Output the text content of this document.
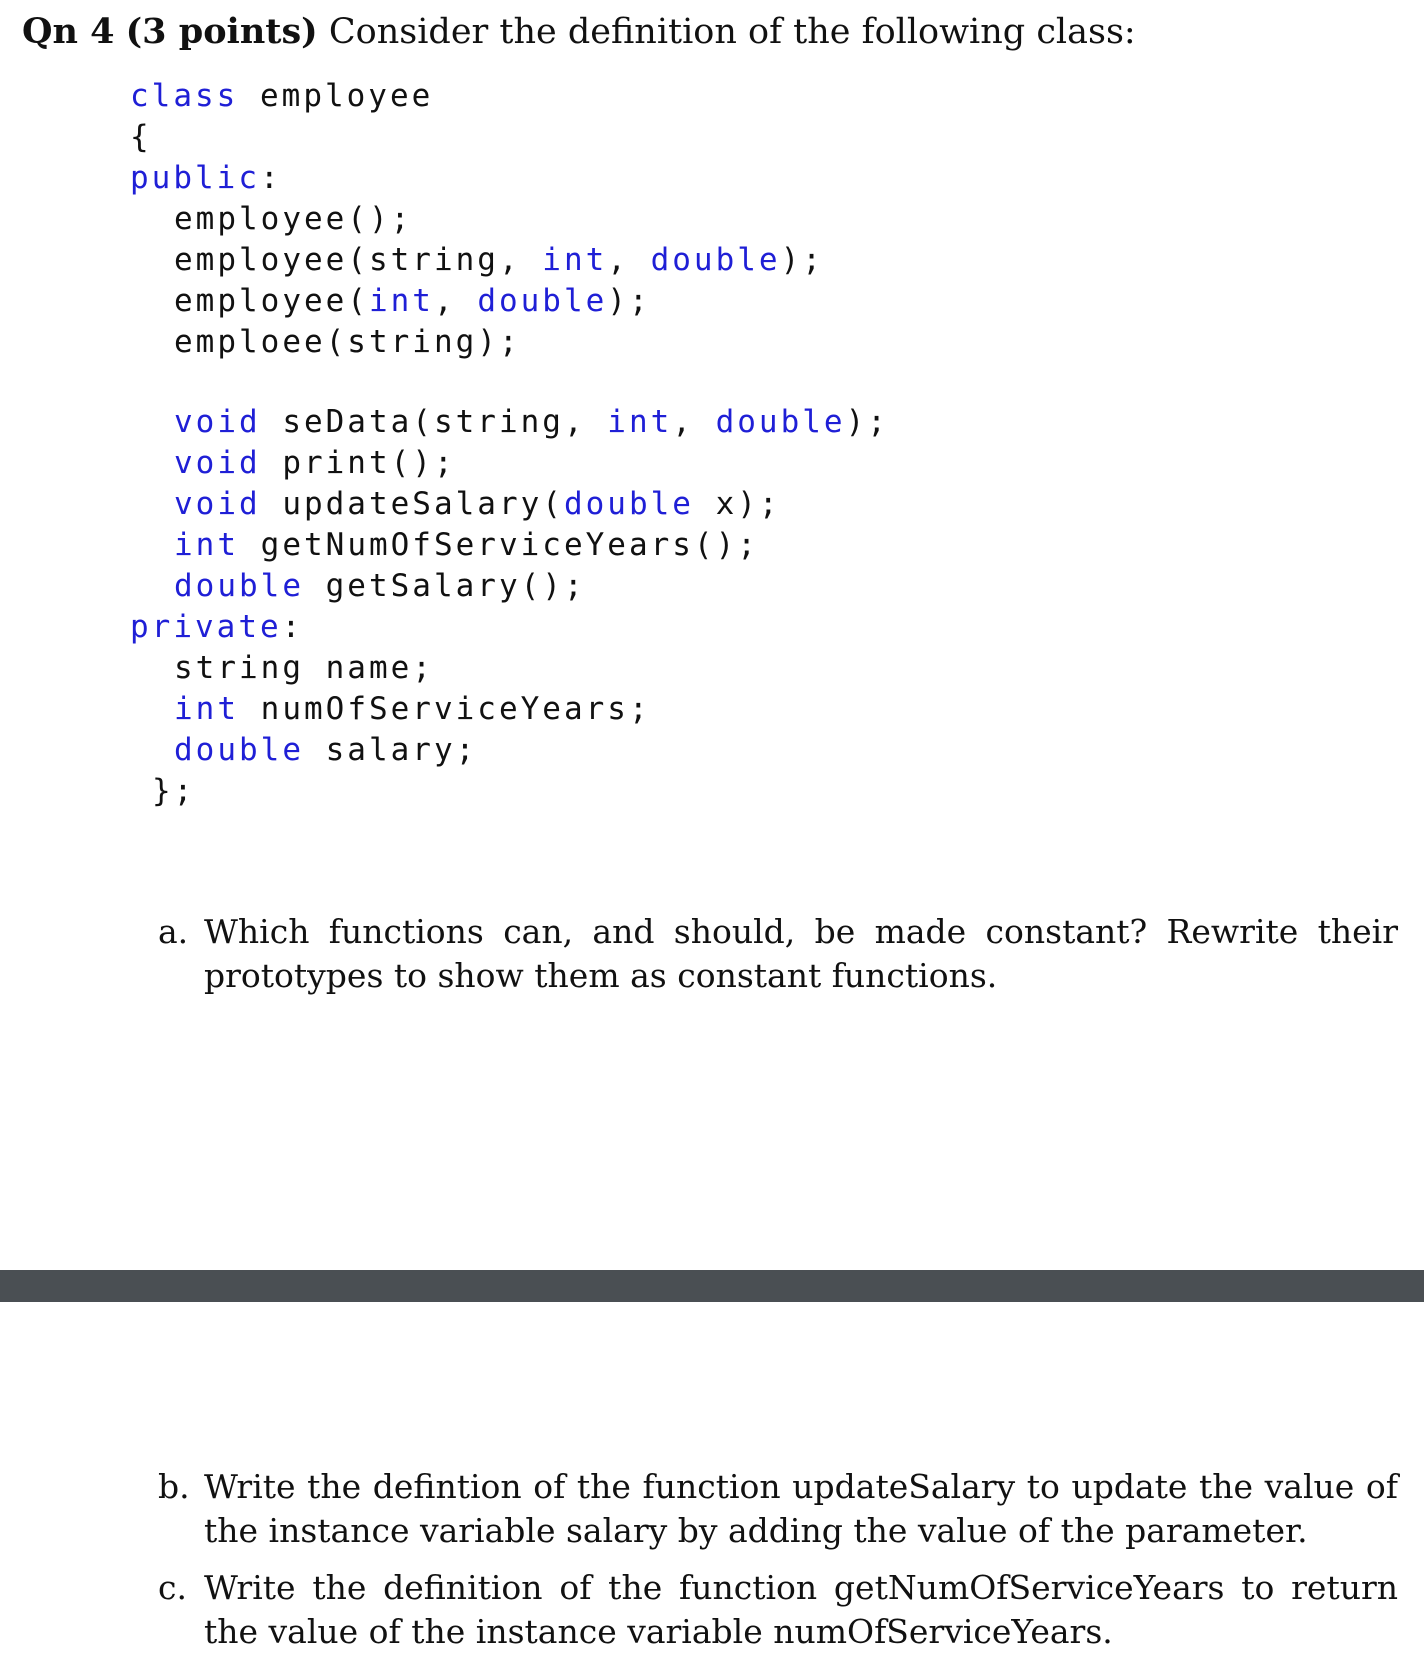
Qn 4 (3 points) Consider the definition of the following class:
class employee
{
public:
employee();
employee(string, int, double);
employee(int, double);
emploee(string);
void seData(string, int, double);
void print();
void updateSalary(double x);
int getNumOfServiceYears();
double getSalary();
private:
string name;
int numOfServiceYears;
double salary;
};
a. Which functions can, and should, be made constant? Rewrite their prototypes to show them as constant functions.
b. Write the defintion of the function updateSalary to update the value of the instance variable salary by adding the value of the parameter.
c. Write the definition of the function getNumOfServiceYears to return the value of the instance variable numOfServiceYears.
